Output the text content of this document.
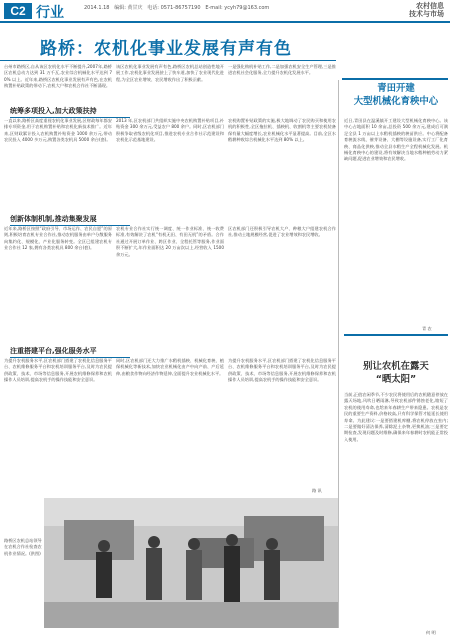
C2 行业	2014.1.18 编辑: 黄甘庆 电话: 0571-86757190 E-mail: ycyh79@163.com	农村信息
技术与市场
路桥：农机化事业发展有声有色
台州市路桥区,自从该区农机化水平不断提升,2007年,路桥区农机总动力达到 31 万千瓦,农业综合机械化水平达到 70% 以上。近年来,路桥区农机化事业发展有声有色,在农机购置补贴政策的带动下,农机大户和农机合作社不断涌现。
该区农机化事业发展有声有色,路桥区农机总站创造性地开展工作,农机化事业发展驶上了快车道,加快了农业现代化进程,为全区农业增效、农民增收作出了积极贡献。
一是强化购机补贴工作,二是加强农机安全生产管理,三是推进农机社会化服务,全力提升农机化发展水平。
统筹多项投入,加大政策扶持
一直以来,路桥区高度重视农机化事业发展,区财政每年都安排专项资金,用于农机购置补贴和农机化新技术推广。近年来,区财政累计投入农机购置补贴资金 1000 余万元,带动农民投入 4000 多万元,购置各类农机具 5000 余台(套)。
2013 年,区农机部门共组织实施中央农机购置补贴项目,补贴资金 300 余万元,受益农户 800 余户。同时,区农机部门积极争取省级农机化项目,推进农机专业合作社示范建设和农机化示范基地建设。
农机购置补贴政策的实施,极大地调动了农民购买和使用农机的积极性,全区拖拉机、插秧机、收割机等主要农机装备保有量大幅度增长,农业机械化水平显著提高。目前,全区水稻耕种收综合机械化水平达到 80% 以上。
创新体制机制,推动集聚发展
近年来,路桥区按照“政府引导、市场运作、农民自愿”的原则,积极培育农机专业合作社,推动农机服务由单户分散服务向集约化、规模化、产业化服务转变。全区已组建农机专业合作社 12 家,拥有各类农机具 800 余台(套)。
农机专业合作社实行统一调度、统一作业标准、统一收费标准,有效解决了农机“有机无田、有田无机”的矛盾。合作社通过开展订单作业、跨区作业、全程托管等服务,作业面积不断扩大,年作业面积达 20 万亩次以上,经营收入 1500 余万元。
区农机部门还积极引导农机大户、种粮大户组建农机合作社,推动土地规模经营,促进了农业增效和农民增收。
注重搭建平台,强化服务水平
为提升农机服务水平,区农机部门搭建了农机化信息服务平台、农机维修服务平台和农机培训服务平台,及时为农民提供政策、技术、市场等信息服务,开展农机维修保养和农机操作人员培训,提高农机手的操作技能和安全意识。
同时,区农机部门还大力推广水稻机插秧、机械化育秧、植保机械化等新技术,加快农业机械化由产中向产前、产后延伸,由粮食作物向经济作物延伸,全面提升农业机械化水平。
为提升农机服务水平,区农机部门搭建了农机化信息服务平台、农机维修服务平台和农机培训服务平台,及时为农民提供政策、技术、市场等信息服务,开展农机维修保养和农机操作人员培训,提高农机手的操作技能和安全意识。
路 讯
路桥区农机总站领导在农机合作社检查农机作业情况。(供图)
青田开建
大型机械化育秧中心
近日,青田县在温溪镇开工建设大型机械化育秧中心。该中心占地面积 10 余亩,总投资 500 余万元,建成后可满足全县 1 万亩以上水稻机插秧的秧苗供应。中心将配备育秧流水线、催芽设备、大棚等设施设备,实行工厂化育秧、商品化供秧,推动全县水稻生产全程机械化发展。机械化育秧中心的建设,将有效解决当地水稻种植劳动力紧缺问题,促进农业增效和农民增收。
青 农
别让农机在露天
“晒太阳”
当前,正值农闲季节,不少农民将使用后的农机随意停放在露天场地,风吹日晒雨淋,导致农机部件锈蚀老化,缩短了农机的使用寿命,也给来年春耕生产带来隐患。农机是农民的重要生产资料,价格较高,只有科学保管才能延长使用寿命。为此建议:一是要搭建机库棚,将农机停放在室内;二是要做好清洁保养,清除泥土杂物,更换机油;三是要定期检查,发现问题及时维修,确保来年春耕时农机能正常投入使用。
何 明
